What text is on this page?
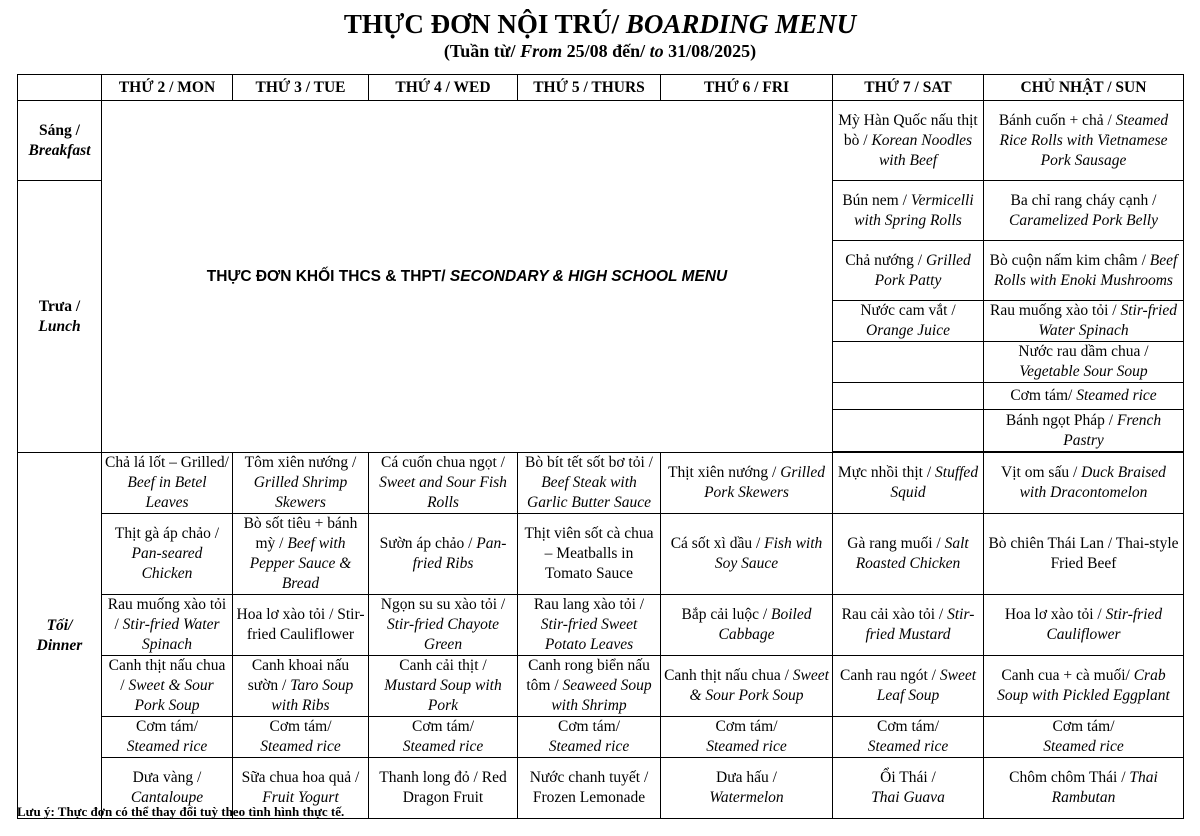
THỰC ĐƠN NỘI TRÚ/ BOARDING MENU
(Tuần từ/ From 25/08 đến/ to 31/08/2025)
	THỨ 2 / MON	THỨ 3 / TUE	THỨ 4 / WED	THỨ 5 / THURS	THỨ 6 / FRI	THỨ 7 / SAT	CHỦ NHẬT / SUN
Sáng /
Breakfast	THỰC ĐƠN KHỐI THCS & THPT/ SECONDARY & HIGH SCHOOL MENU					Mỳ Hàn Quốc nấu thịt bò / Korean Noodles with Beef	Bánh cuốn + chả / Steamed Rice Rolls with Vietnamese Pork Sausage
Trưa /
Lunch						Bún nem / Vermicelli with Spring Rolls	Ba chỉ rang cháy cạnh / Caramelized Pork Belly
						Chả nướng / Grilled Pork Patty	Bò cuộn nấm kim châm / Beef Rolls with Enoki Mushrooms
						Nước cam vắt / Orange Juice	Rau muống xào tỏi / Stir-fried Water Spinach
							Nước rau dầm chua / Vegetable Sour Soup
							Cơm tám/ Steamed rice
							Bánh ngọt Pháp / French Pastry

Tối/
Dinner	Chả lá lốt – Grilled/ Beef in Betel Leaves	Tôm xiên nướng / Grilled Shrimp Skewers	Cá cuốn chua ngọt / Sweet and Sour Fish Rolls	Bò bít tết sốt bơ tỏi / Beef Steak with Garlic Butter Sauce	Thịt xiên nướng / Grilled Pork Skewers	Mực nhồi thịt / Stuffed Squid	Vịt om sấu / Duck Braised with Dracontomelon
	Thịt gà áp chảo / Pan-seared Chicken	Bò sốt tiêu + bánh mỳ / Beef with Pepper Sauce & Bread	Sườn áp chảo / Pan-fried Ribs	Thịt viên sốt cà chua – Meatballs in Tomato Sauce	Cá sốt xì dầu / Fish with Soy Sauce	Gà rang muối / Salt Roasted Chicken	Bò chiên Thái Lan / Thai-style Fried Beef
	Rau muống xào tỏi / Stir-fried Water Spinach	Hoa lơ xào tỏi / Stir-fried Cauliflower	Ngọn su su xào tỏi / Stir-fried Chayote Green	Rau lang xào tỏi / Stir-fried Sweet Potato Leaves	Bắp cải luộc / Boiled Cabbage	Rau cải xào tỏi / Stir-fried Mustard	Hoa lơ xào tỏi / Stir-fried Cauliflower
	Canh thịt nấu chua / Sweet & Sour Pork Soup	Canh khoai nấu sườn / Taro Soup with Ribs	Canh cải thịt / Mustard Soup with Pork	Canh rong biển nấu tôm / Seaweed Soup with Shrimp	Canh thịt nấu chua / Sweet & Sour Pork Soup	Canh rau ngót / Sweet Leaf Soup	Canh cua + cà muối/ Crab Soup with Pickled Eggplant
	Cơm tám/
Steamed rice	Cơm tám/
Steamed rice	Cơm tám/
Steamed rice	Cơm tám/
Steamed rice	Cơm tám/
Steamed rice	Cơm tám/
Steamed rice	Cơm tám/
Steamed rice
	Dưa vàng /
Cantaloupe	Sữa chua hoa quả / Fruit Yogurt	Thanh long đỏ / Red Dragon Fruit	Nước chanh tuyết / Frozen Lemonade	Dưa hấu /
Watermelon	Ổi Thái /
Thai Guava	Chôm chôm Thái / Thai Rambutan
Lưu ý: Thực đơn có thể thay đổi tuỳ theo tình hình thực tế.
